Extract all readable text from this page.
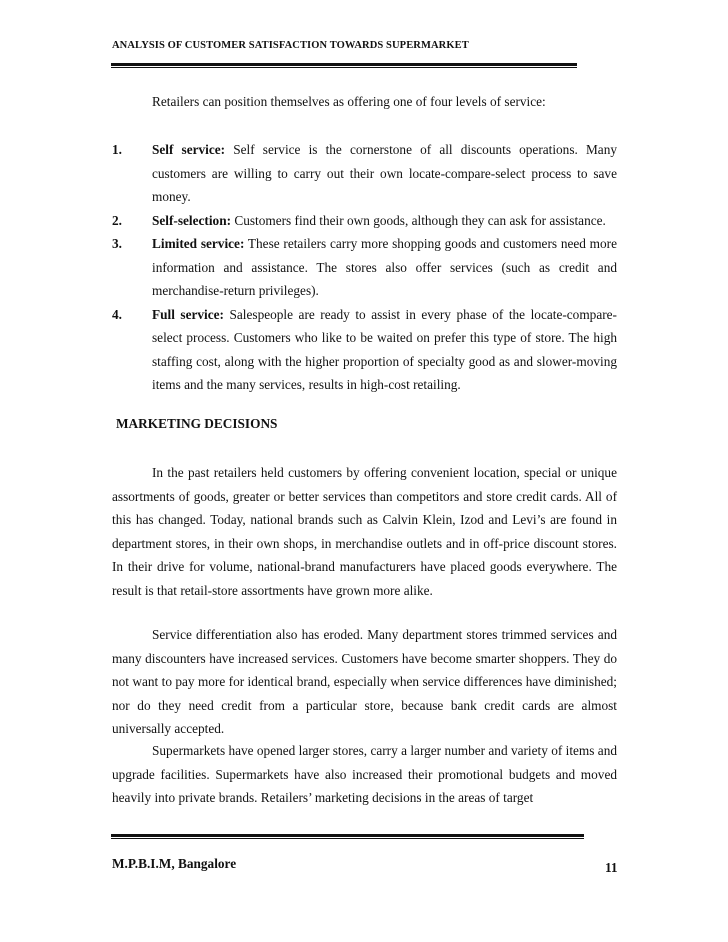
ANALYSIS OF CUSTOMER SATISFACTION TOWARDS SUPERMARKET
Retailers can position themselves as offering one of four levels of service:
1.	Self service: Self service is the cornerstone of all discounts operations. Many customers are willing to carry out their own locate-compare-select process to save money.
2.	Self-selection: Customers find their own goods, although they can ask for assistance.
3.	Limited service: These retailers carry more shopping goods and customers need more information and assistance. The stores also offer services (such as credit and merchandise-return privileges).
4.	Full service: Salespeople are ready to assist in every phase of the locate-compare-select process. Customers who like to be waited on prefer this type of store. The high staffing cost, along with the higher proportion of specialty good as and slower-moving items and the many services, results in high-cost retailing.
MARKETING DECISIONS

In the past retailers held customers by offering convenient location, special or unique assortments of goods, greater or better services than competitors and store credit cards. All of this has changed. Today, national brands such as Calvin Klein, Izod and Levi’s are found in department stores, in their own shops, in merchandise outlets and in off-price discount stores. In their drive for volume, national-brand manufacturers have placed goods everywhere. The result is that retail-store assortments have grown more alike.

Service differentiation also has eroded. Many department stores trimmed services and many discounters have increased services. Customers have become smarter shoppers. They do not want to pay more for identical brand, especially when service differences have diminished; nor do they need credit from a particular store, because bank credit cards are almost universally accepted.

Supermarkets have opened larger stores, carry a larger number and variety of items and upgrade facilities. Supermarkets have also increased their promotional budgets and moved heavily into private brands. Retailers’ marketing decisions in the areas of target

M.P.B.I.M, Bangalore	11
